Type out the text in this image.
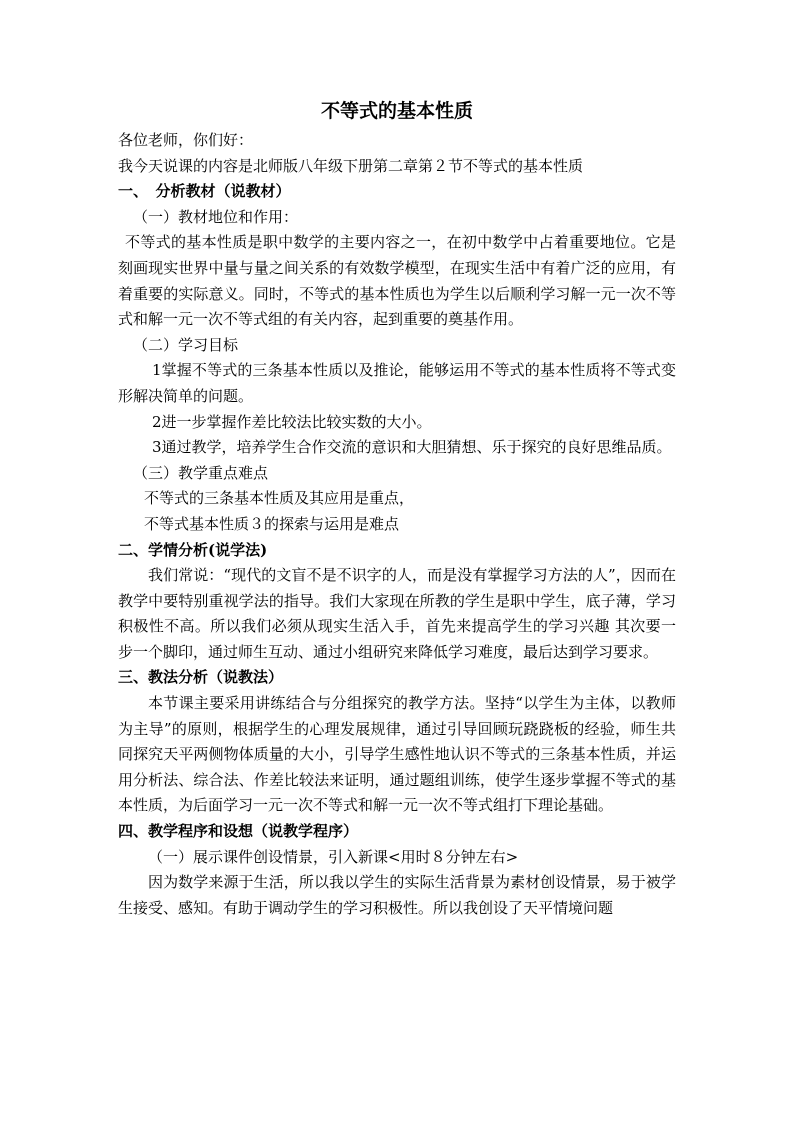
不等式的基本性质

各位老师，你们好：

我今天说课的内容是北师版八年级下册第二章第２节不等式的基本性质

一、　分析教材（说教材）

（一）教材地位和作用：

不等式的基本性质是职中数学的主要内容之一，在初中数学中占着重要地位。它是刻画现实世界中量与量之间关系的有效数学模型，在现实生活中有着广泛的应用，有着重要的实际意义。同时，不等式的基本性质也为学生以后顺利学习解一元一次不等式和解一元一次不等式组的有关内容，起到重要的奠基作用。

（二）学习目标

1掌握不等式的三条基本性质以及推论，能够运用不等式的基本性质将不等式变形解决简单的问题。

2进一步掌握作差比较法比较实数的大小。

3通过教学，培养学生合作交流的意识和大胆猜想、乐于探究的良好思维品质。

（三）教学重点难点

不等式的三条基本性质及其应用是重点，

不等式基本性质３的探索与运用是难点

二、学情分析(说学法)

我们常说：“现代的文盲不是不识字的人，而是没有掌握学习方法的人”，因而在教学中要特别重视学法的指导。我们大家现在所教的学生是职中学生，底子薄，学习积极性不高。所以我们必须从现实生活入手，首先来提高学生的学习兴趣 其次要一步一个脚印，通过师生互动、通过小组研究来降低学习难度，最后达到学习要求。

三、教法分析（说教法）

本节课主要采用讲练结合与分组探究的教学方法。坚持“以学生为主体，以教师为主导”的原则，根据学生的心理发展规律，通过引导回顾玩跷跷板的经验，师生共同探究天平两侧物体质量的大小，引导学生感性地认识不等式的三条基本性质，并运用分析法、综合法、作差比较法来证明，通过题组训练，使学生逐步掌握不等式的基本性质，为后面学习一元一次不等式和解一元一次不等式组打下理论基础。

四、教学程序和设想（说教学程序）

（一）展示课件创设情景，引入新课<用时８分钟左右>

因为数学来源于生活，所以我以学生的实际生活背景为素材创设情景，易于被学生接受、感知。有助于调动学生的学习积极性。所以我创设了天平情境问题
